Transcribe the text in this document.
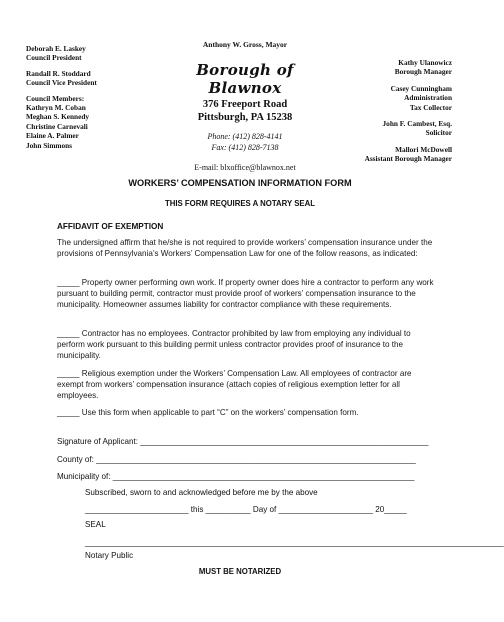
Deborah E. Laskey
Council President
Randall R. Stoddard
Council Vice President
Council Members:
Kathryn M. Coban
Meghan S. Kennedy
Christine Carnevali
Elaine A. Palmer
John Simmons
Anthony W. Gross, Mayor
Borough of Blawnox
376 Freeport Road
Pittsburgh, PA 15238
Phone: (412) 828-4141
Fax: (412) 828-7138
E-mail: blxoffice@blawnox.net
Kathy Ulanowicz
Borough Manager
Casey Cunningham
Administration
Tax Collector
John F. Cambest, Esq.
Solicitor
Mallori McDowell
Assistant Borough Manager
WORKERS’ COMPENSATION INFORMATION FORM
THIS FORM REQUIRES A NOTARY SEAL
AFFIDAVIT OF EXEMPTION
The undersigned affirm that he/she is not required to provide workers’ compensation insurance under the provisions of Pennsylvania’s Workers’ Compensation Law for one of the follow reasons, as indicated:
_____ Property owner performing own work. If property owner does hire a contractor to perform any work pursuant to building permit, contractor must provide proof of workers’ compensation insurance to the municipality. Homeowner assumes liability for contractor compliance with these requirements.
_____ Contractor has no employees. Contractor prohibited by law from employing any individual to perform work pursuant to this building permit unless contractor provides proof of insurance to the municipality.
_____ Religious exemption under the Workers’ Compensation Law. All employees of contractor are exempt from workers’ compensation insurance (attach copies of religious exemption letter for all employees.
_____ Use this form when applicable to part “C” on the workers’ compensation form.
Signature of Applicant: ________________________________________________________________
County of: _______________________________________________________________________
Municipality of: ___________________________________________________________________
Subscribed, sworn to and acknowledged before me by the above
_______________________ this __________ Day of _____________________ 20_____
SEAL
_____________________________________________________________________________________________
Notary Public
MUST BE NOTARIZED
